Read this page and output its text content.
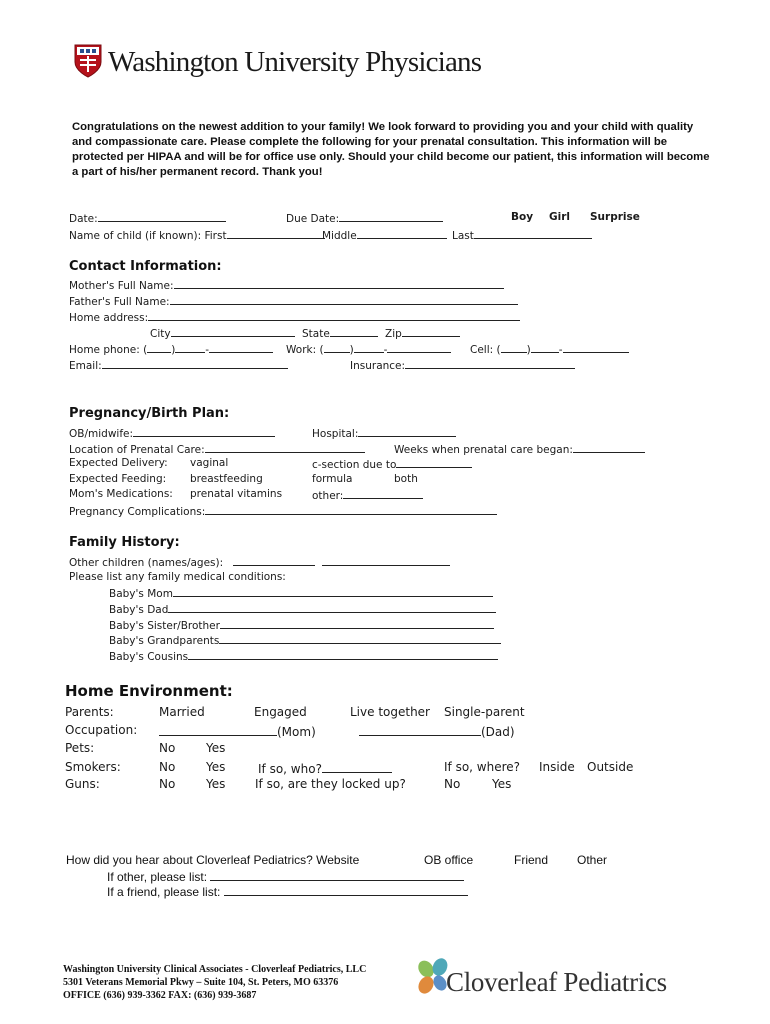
Washington University Physicians
Congratulations on the newest addition to your family! We look forward to providing you and your child with quality and compassionate care. Please complete the following for your prenatal consultation. This information will be protected per HIPAA and will be for office use only. Should your child become our patient, this information will become a part of his/her permanent record. Thank you!
Date:	Due Date:	Boy Girl Surprise
Name of child (if known): First	Middle	Last
Contact Information:
Mother's Full Name:
Father's Full Name:
Home address:
City	State	Zip
Home phone: ( )	-	Work: ( )	-	Cell: ( )	-
Email:	Insurance:
Pregnancy/Birth Plan:
OB/midwife:	Hospital:
Location of Prenatal Care:	Weeks when prenatal care began:
Expected Delivery: vaginal	c-section due to
Expected Feeding: breastfeeding	formula	both
Mom's Medications: prenatal vitamins	other:
Pregnancy Complications:
Family History:
Other children (names/ages):
Please list any family medical conditions:
Baby's Mom
Baby's Dad
Baby's Sister/Brother
Baby's Grandparents
Baby's Cousins
Home Environment:
Parents:	Married	Engaged	Live together Single-parent
Occupation:	(Mom)	(Dad)
Pets:	No	Yes
Smokers:	No	Yes	If so, who?	If so, where? Inside Outside
Guns:	No	Yes If so, are they locked up?	No	Yes
How did you hear about Cloverleaf Pediatrics? Website	OB office	Friend Other
If other, please list:
If a friend, please list:
Washington University Clinical Associates - Cloverleaf Pediatrics, LLC
5301 Veterans Memorial Pkwy – Suite 104, St. Peters, MO 63376
OFFICE (636) 939-3362 FAX: (636) 939-3687	Cloverleaf Pediatrics
